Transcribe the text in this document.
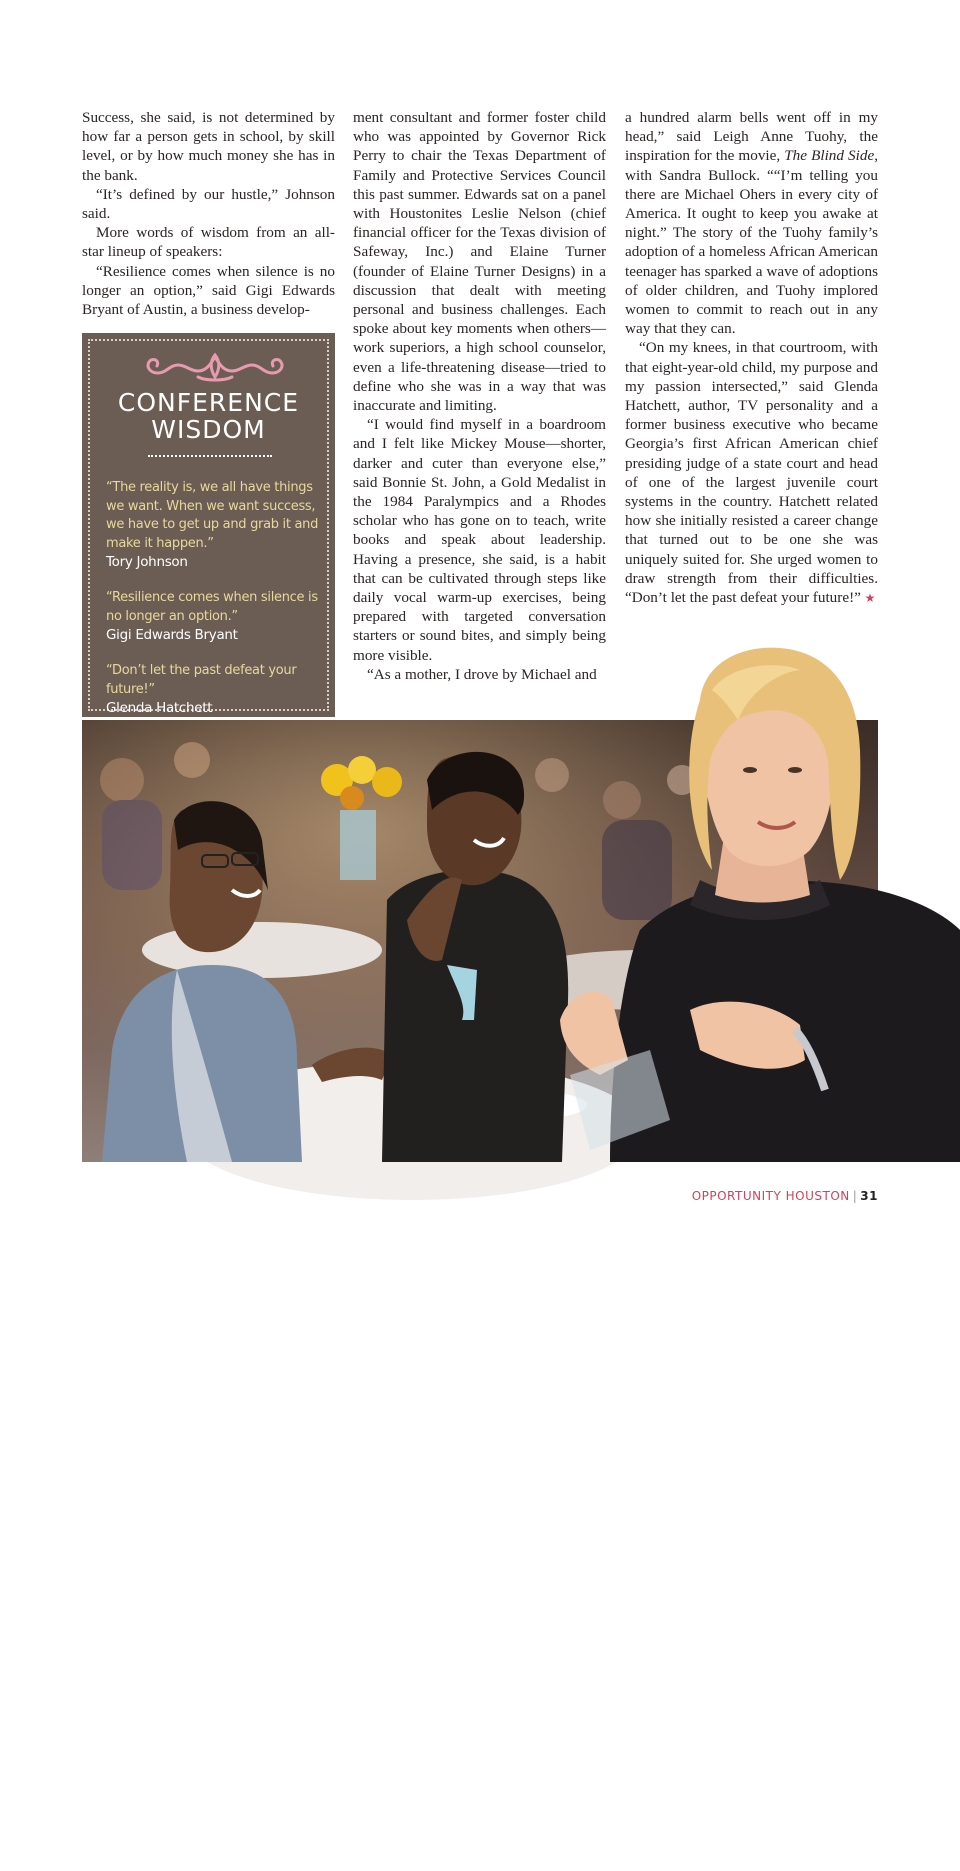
Success, she said, is not determined by how far a person gets in school, by skill level, or by how much money she has in the bank.

“It’s defined by our hustle,” Johnson said.

More words of wisdom from an all-star lineup of speakers:

“Resilience comes when silence is no longer an option,” said Gigi Edwards Bryant of Austin, a business develop-

CONFERENCE
WISDOM
“The reality is, we all have things we want. When we want success, we have to get up and grab it and make it happen.”
Tory Johnson
“Resilience comes when silence is no longer an option.”
Gigi Edwards Bryant
“Don’t let the past defeat your future!”
Glenda Hatchett

ment consultant and former foster child who was appointed by Governor Rick Perry to chair the Texas Department of Family and Protective Services Council this past summer. Edwards sat on a panel with Houstonites Leslie Nelson (chief financial officer for the Texas division of Safeway, Inc.) and Elaine Turner (founder of Elaine Turner Designs) in a discussion that dealt with meeting personal and business challenges. Each spoke about key moments when others—work superiors, a high school counselor, even a life-threatening disease—tried to define who she was in a way that was inaccurate and limiting.

“I would find myself in a boardroom and I felt like Mickey Mouse—shorter, darker and cuter than everyone else,” said Bonnie St. John, a Gold Medalist in the 1984 Paralympics and a Rhodes scholar who has gone on to teach, write books and speak about leadership. Having a presence, she said, is a habit that can be cultivated through steps like daily vocal warm-up exercises, being prepared with targeted conversation starters or sound bites, and simply being more visible.

“As a mother, I drove by Michael and

a hundred alarm bells went off in my head,” said Leigh Anne Tuohy, the inspiration for the movie, The Blind Side, with Sandra Bullock. ““I’m telling you there are Michael Ohers in every city of America. It ought to keep you awake at night.” The story of the Tuohy family’s adoption of a homeless African American teenager has sparked a wave of adoptions of older children, and Tuohy implored women to commit to reach out in any way that they can.

“On my knees, in that courtroom, with that eight-year-old child, my purpose and my passion intersected,” said Glenda Hatchett, author, TV personality and a former business executive who became Georgia’s first African American chief presiding judge of a state court and head of one of the largest juvenile court systems in the country. Hatchett related how she initially resisted a career change that turned out to be one she was uniquely suited for. She urged women to draw strength from their difficulties. “Don’t let the past defeat your future!” ★

Conference attendees enjoying the keynote session	Tory Johnson
OPPORTUNITY HOUSTON | 31
